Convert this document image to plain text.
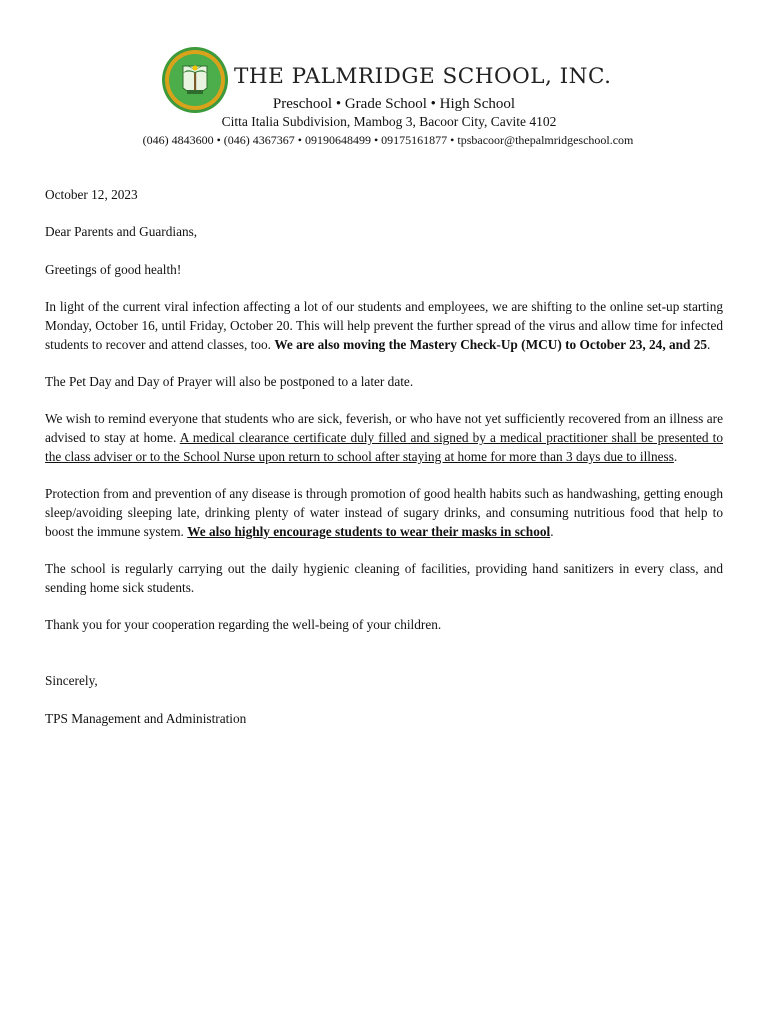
THE PALMRIDGE SCHOOL, INC.
Preschool • Grade School • High School
Citta Italia Subdivision, Mambog 3, Bacoor City, Cavite 4102
(046) 4843600 • (046) 4367367 • 09190648499 • 09175161877 • tpsbacoor@thepalmridgeschool.com

October 12, 2023

Dear Parents and Guardians,

Greetings of good health!

In light of the current viral infection affecting a lot of our students and employees, we are shifting to the online set-up starting Monday, October 16, until Friday, October 20. This will help prevent the further spread of the virus and allow time for infected students to recover and attend classes, too. We are also moving the Mastery Check-Up (MCU) to October 23, 24, and 25.

The Pet Day and Day of Prayer will also be postponed to a later date.

We wish to remind everyone that students who are sick, feverish, or who have not yet sufficiently recovered from an illness are advised to stay at home. A medical clearance certificate duly filled and signed by a medical practitioner shall be presented to the class adviser or to the School Nurse upon return to school after staying at home for more than 3 days due to illness.

Protection from and prevention of any disease is through promotion of good health habits such as handwashing, getting enough sleep/avoiding sleeping late, drinking plenty of water instead of sugary drinks, and consuming nutritious food that help to boost the immune system. We also highly encourage students to wear their masks in school.

The school is regularly carrying out the daily hygienic cleaning of facilities, providing hand sanitizers in every class, and sending home sick students.

Thank you for your cooperation regarding the well-being of your children.

Sincerely,

TPS Management and Administration
